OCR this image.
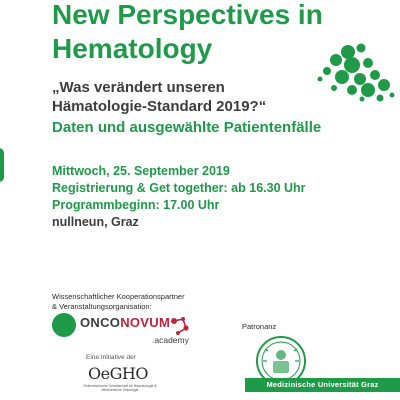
New Perspectives in Hematology

„Was verändert unseren Hämatologie-Standard 2019?“

Daten und ausgewählte Patientenfälle

Mittwoch, 25. September 2019

Registrierung & Get together: ab 16.30 Uhr

Programmbeginn: 17.00 Uhr

nullneun, Graz

Wissenschaftlicher Kooperationspartner
& Veranstaltungsorganisation:
ONCONOVUM
.academy
Eine Initiative der
OeGHO
Österreichische Gesellschaft für Hämatologie & Medizinische Onkologie
Patronanz
Medizinische Universität Graz
